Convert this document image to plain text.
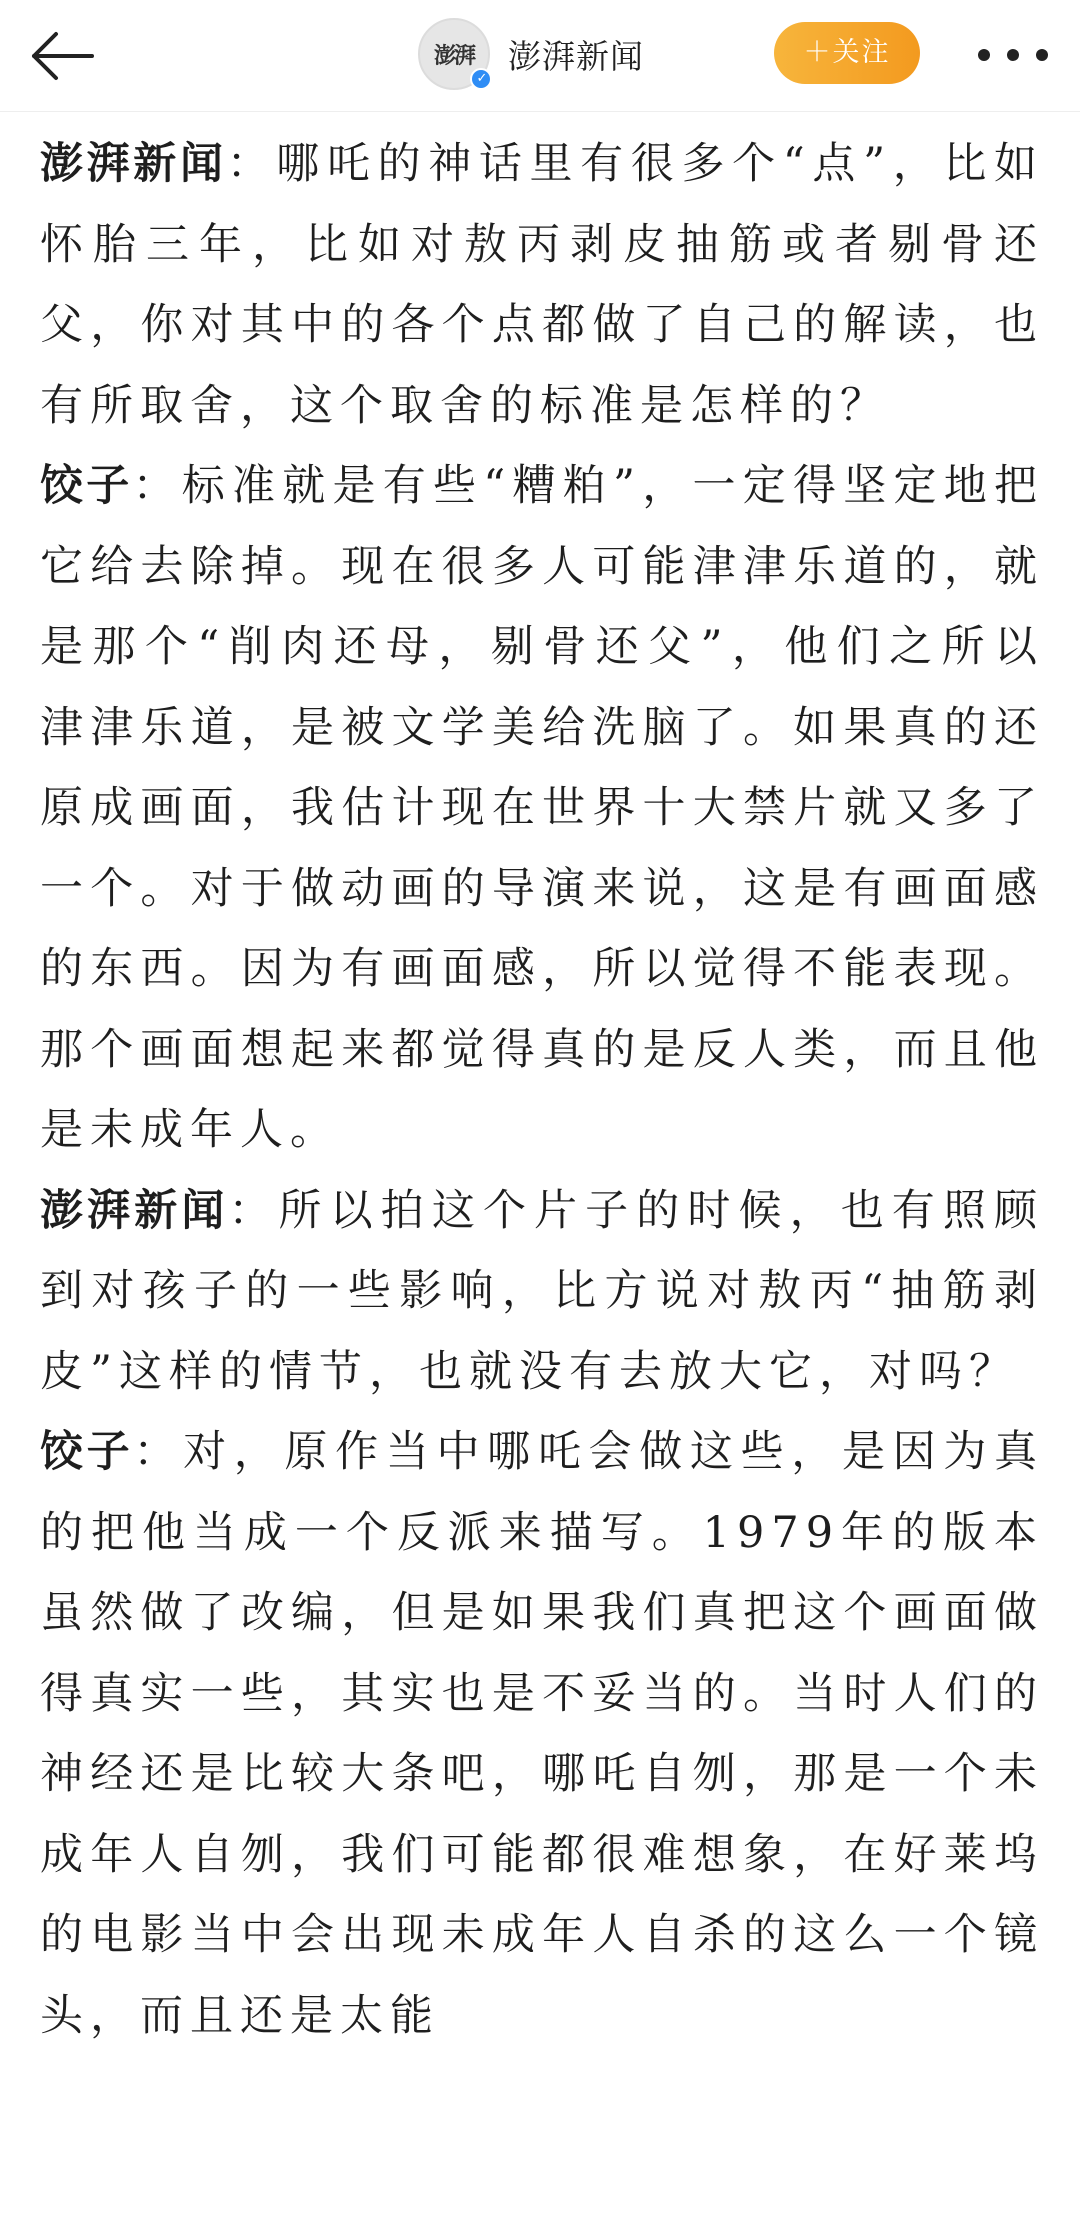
澎湃
✓
澎湃新闻	＋关注

澎湃新闻：哪吒的神话里有很多个“点”，比如怀胎三年，比如对敖丙剥皮抽筋或者剔骨还父，你对其中的各个点都做了自己的解读，也有所取舍，这个取舍的标准是怎样的？

饺子：标准就是有些“糟粕”，一定得坚定地把它给去除掉。现在很多人可能津津乐道的，就是那个“削肉还母，剔骨还父”，他们之所以津津乐道，是被文学美给洗脑了。如果真的还原成画面，我估计现在世界十大禁片就又多了一个。对于做动画的导演来说，这是有画面感的东西。因为有画面感，所以觉得不能表现。那个画面想起来都觉得真的是反人类，而且他是未成年人。

澎湃新闻：所以拍这个片子的时候，也有照顾到对孩子的一些影响，比方说对敖丙“抽筋剥皮”这样的情节，也就没有去放大它，对吗？

饺子：对，原作当中哪吒会做这些，是因为真的把他当成一个反派来描写。1979年的版本虽然做了改编，但是如果我们真把这个画面做得真实一些，其实也是不妥当的。当时人们的神经还是比较大条吧，哪吒自刎，那是一个未成年人自刎，我们可能都很难想象，在好莱坞的电影当中会出现未成年人自杀的这么一个镜头，而且还是太能
